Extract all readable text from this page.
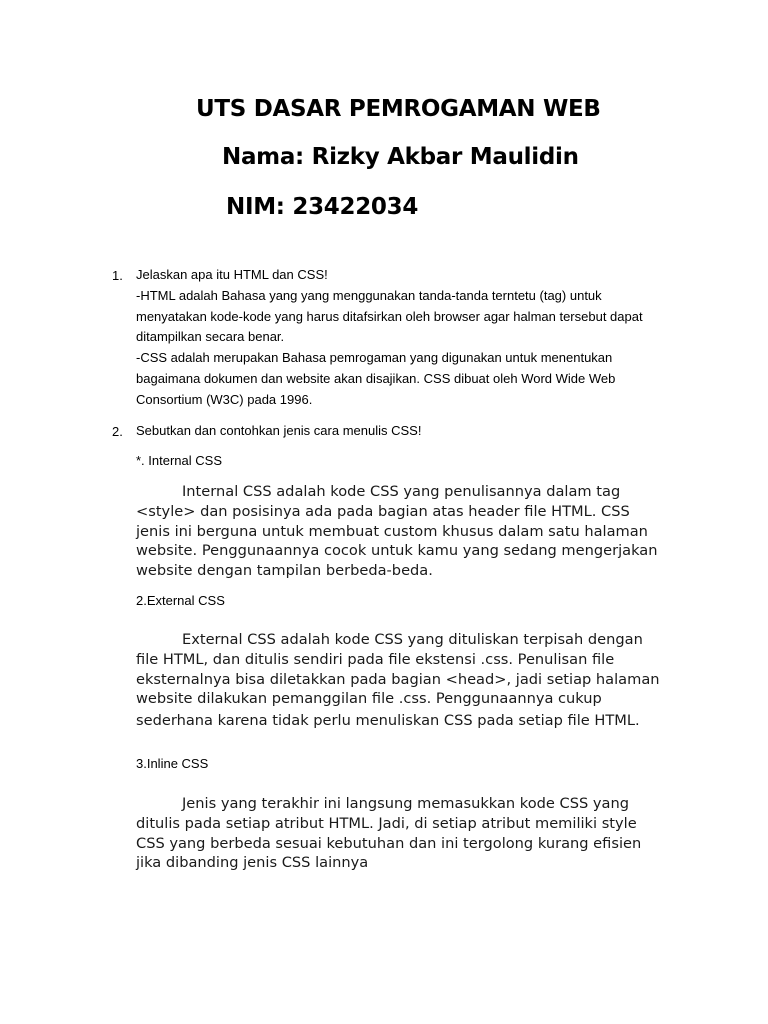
UTS DASAR PEMROGAMAN WEB
Nama: Rizky Akbar Maulidin
NIM: 23422034
1. Jelaskan apa itu HTML dan CSS!
-HTML adalah Bahasa yang yang menggunakan tanda-tanda terntetu (tag) untuk
menyatakan kode-kode yang harus ditafsirkan oleh browser agar halman tersebut dapat
ditampilkan secara benar.
-CSS adalah merupakan Bahasa pemrogaman yang digunakan untuk menentukan
bagaimana dokumen dan website akan disajikan. CSS dibuat oleh Word Wide Web
Consortium (W3C) pada 1996.
2. Sebutkan dan contohkan jenis cara menulis CSS!
*. Internal CSS
Internal CSS adalah kode CSS yang penulisannya dalam tag
<style> dan posisinya ada pada bagian atas header file HTML. CSS
jenis ini berguna untuk membuat custom khusus dalam satu halaman
website. Penggunaannya cocok untuk kamu yang sedang mengerjakan
website dengan tampilan berbeda-beda.
2.External CSS
External CSS adalah kode CSS yang dituliskan terpisah dengan
file HTML, dan ditulis sendiri pada file ekstensi .css. Penulisan file
eksternalnya bisa diletakkan pada bagian <head>, jadi setiap halaman
website dilakukan pemanggilan file .css. Penggunaannya cukup
sederhana karena tidak perlu menuliskan CSS pada setiap file HTML.
3.Inline CSS
Jenis yang terakhir ini langsung memasukkan kode CSS yang
ditulis pada setiap atribut HTML. Jadi, di setiap atribut memiliki style
CSS yang berbeda sesuai kebutuhan dan ini tergolong kurang efisien
jika dibanding jenis CSS lainnya
